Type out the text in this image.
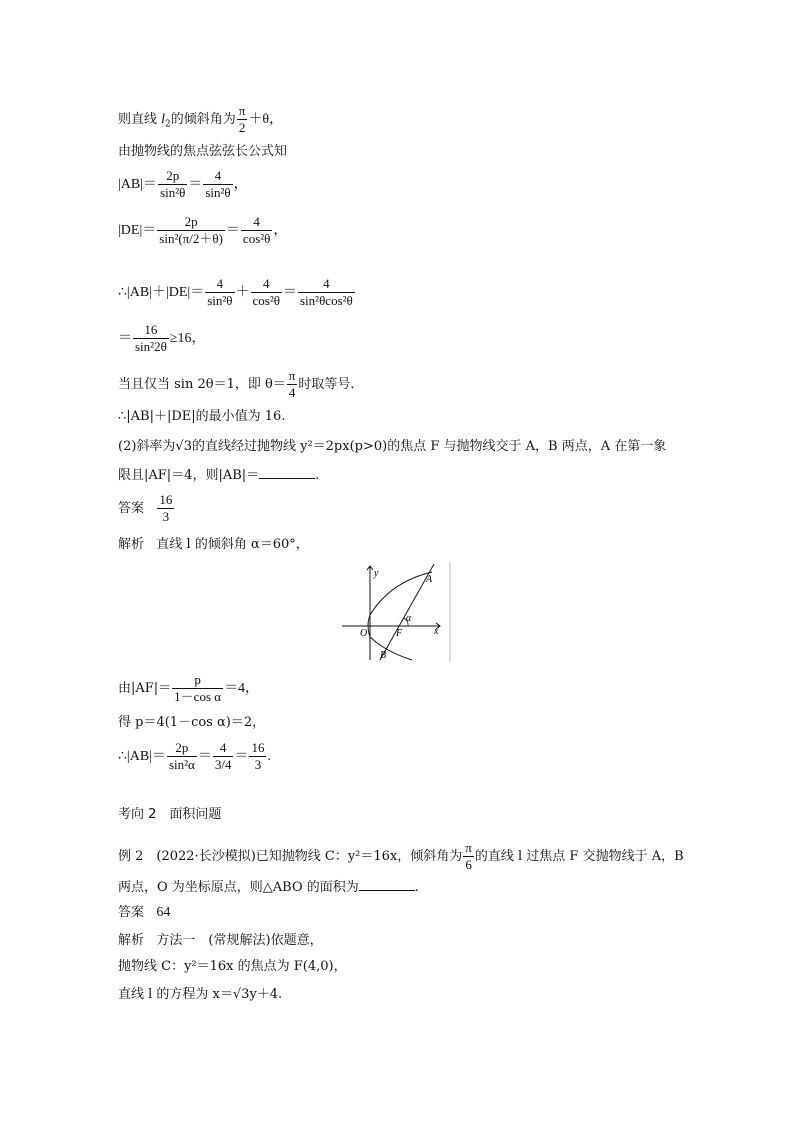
则直线 $l_2$的倾斜角为 $\frac{\pi}{2} +\theta$，
由抛物线的焦点弦弦长公式知
$|AB|= \frac{2p}{\text{sin²θ}} = \frac{4}{\text{sin²θ}}$ ，
$|DE|= \frac{2p}{\text{sin²(π/2＋θ)}} = \frac{4}{\text{cos²θ}}$ ，
∴|AB|＋|DE|＝ $\frac{4}{\text{sin²θ}} + \frac{4}{\text{cos²θ}} = \frac{4}{\text{sin²θcos²θ}}$
＝ $\frac{16}{\text{sin²2θ}} \ge 16$，
当且仅当 sin 2θ＝1，即 $\theta= \frac{\pi}{4}$ 时取等号．
∴|AB|＋|DE|的最小值为 16.
(2)斜率为√3的直线经过抛物线 y²＝2px(p>0)的焦点 F 与抛物线交于 A，B 两点，A 在第一象
限且|AF|＝4，则|AB|＝	.
答案 $\frac{16}{3}$
解析 直线 l 的倾斜角 α＝60°，
y
x
O	F
A
B
α
由$|AF|= \frac{p}{\text{1－cos α}} =4$，
得 p＝4(1－cos α)＝2，
∴|AB|＝ $\frac{2p}{\text{sin²α}} = \frac{4}{3/4} = \frac{16}{3}$ .
考向 2　面积问题
例 2　(2022·长沙模拟)已知抛物线 C：y²＝16x，倾斜角为 $\frac{\pi}{6}$ 的直线 l 过焦点 F 交抛物线于 A，B
两点，O 为坐标原点，则△ABO 的面积为	.
答案 64
解析 方法一　(常规解法)依题意，
抛物线 C：y²＝16x 的焦点为 F(4,0)，
直线 l 的方程为 x＝√3y＋4.
